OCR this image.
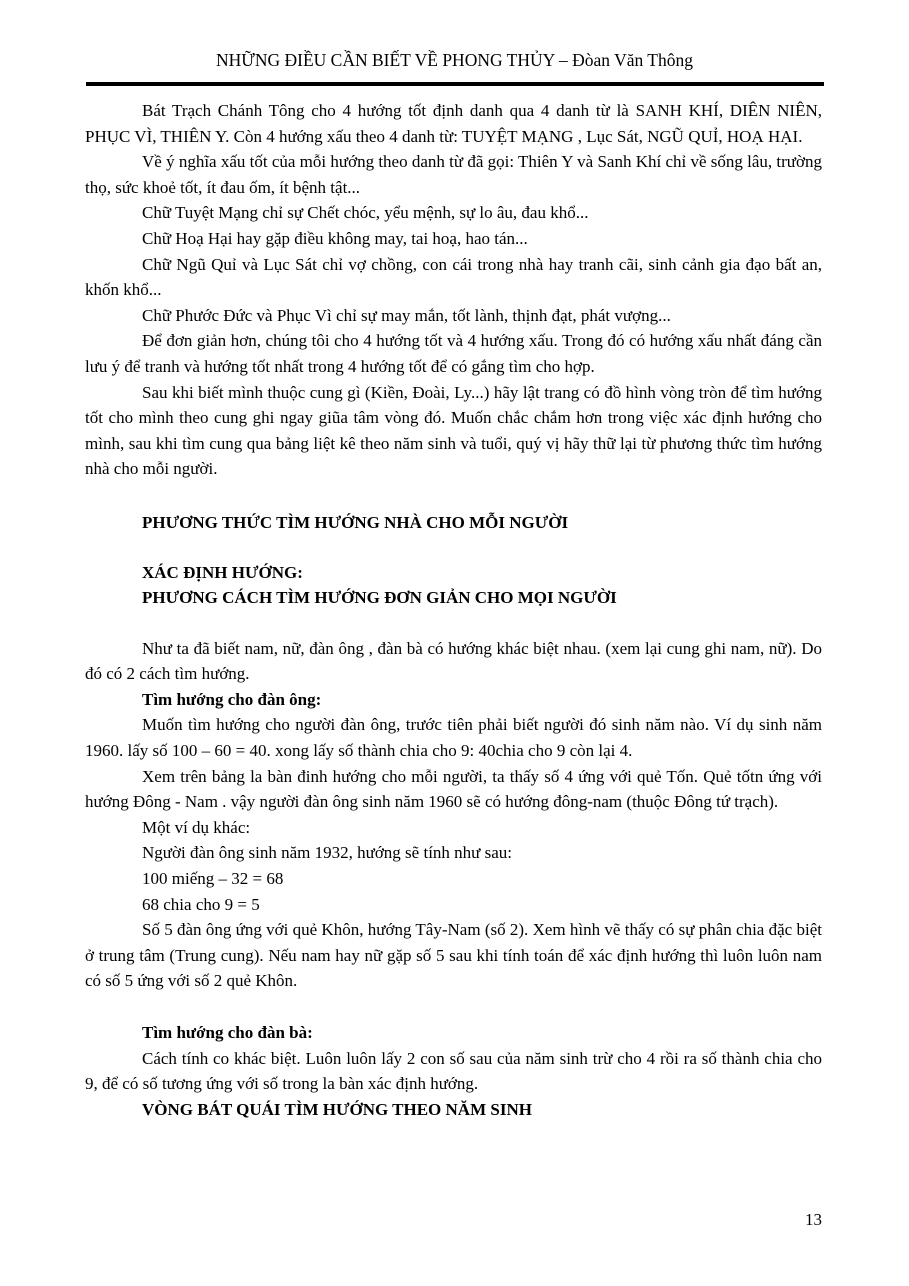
NHỮNG ĐIỀU CẦN BIẾT VỀ PHONG THỦY – Đòan Văn Thông

Bát Trạch Chánh Tông cho 4 hướng tốt định danh qua 4 danh từ là SANH KHÍ, DIÊN NIÊN, PHỤC VÌ, THIÊN Y. Còn 4 hướng xấu theo 4 danh từ: TUYỆT MẠNG , Lục Sát, NGŨ QUỈ, HOẠ HẠI.

Về ý nghĩa xấu tốt của mỗi hướng theo danh từ đã gọi: Thiên Y và Sanh Khí chỉ về sống lâu, trường thọ, sức khoẻ tốt, ít đau ốm, ít bệnh tật...

Chữ Tuyệt Mạng chỉ sự Chết chóc, yểu mệnh, sự lo âu, đau khổ...

Chữ Hoạ Hại hay gặp điều không may, tai hoạ, hao tán...

Chữ Ngũ Quỉ và Lục Sát chỉ vợ chồng, con cái trong nhà hay tranh cãi, sinh cảnh gia đạo bất an, khốn khổ...

Chữ Phước Đức và Phục Vì chỉ sự may mắn, tốt lành, thịnh đạt, phát vượng...

Để đơn giản hơn, chúng tôi cho 4 hướng tốt và 4 hướng xấu. Trong đó có hướng xấu nhất đáng cần lưu ý để tranh và hướng tốt nhất trong 4 hướng tốt để có gắng tìm cho hợp.

Sau khi biết mình thuộc cung gì (Kiền, Đoài, Ly...) hãy lật trang có đồ hình vòng tròn để tìm hướng tốt cho mình theo cung ghi ngay giũa tâm vòng đó. Muốn chắc chắm hơn trong việc xác định hướng cho mình, sau khi tìm cung qua bảng liệt kê theo năm sinh và tuổi, quý vị hãy thữ lại từ phương thức tìm hướng nhà cho mỗi người.

PHƯƠNG THỨC TÌM HƯỚNG NHÀ CHO MỖI NGƯỜI

XÁC ĐỊNH HƯỚNG:

PHƯƠNG CÁCH TÌM HƯỚNG ĐƠN GIẢN CHO MỌI NGƯỜI

Như ta đã biết nam, nữ, đàn ông , đàn bà có hướng khác biệt nhau. (xem lại cung ghi nam, nữ). Do đó có 2 cách tìm hướng.

Tìm hướng cho đàn ông:

Muốn tìm hướng cho người đàn ông, trước tiên phải biết người đó sinh năm nào. Ví dụ sinh năm 1960. lấy số 100 – 60 = 40. xong lấy số thành chia cho 9: 40chia cho 9 còn lại 4.

Xem trên bảng la bàn đinh hướng cho mỗi người, ta thấy số 4 ứng với quẻ Tốn. Quẻ tốtn ứng với hướng Đông - Nam . vậy người đàn ông sinh năm 1960 sẽ có hướng đông-nam (thuộc Đông tứ trạch).

Một ví dụ khác:

Người đàn ông sinh năm 1932, hướng sẽ tính như sau:

100 miếng – 32 = 68

68 chia cho 9 = 5

Số 5 đàn ông ứng với quẻ Khôn, hướng Tây-Nam (số 2). Xem hình vẽ thấy có sự phân chia đặc biệt ở trung tâm (Trung cung). Nếu nam hay nữ gặp số 5 sau khi tính toán để xác định hướng thì luôn luôn nam có số 5 ứng với số 2 quẻ Khôn.

Tìm hướng cho đàn bà:

Cách tính co khác biệt. Luôn luôn lấy 2 con số sau của năm sinh trừ cho 4 rồi ra số thành chia cho 9, để có số tương ứng với số trong la bàn xác định hướng.

VÒNG BÁT QUÁI TÌM HƯỚNG THEO NĂM SINH

13
